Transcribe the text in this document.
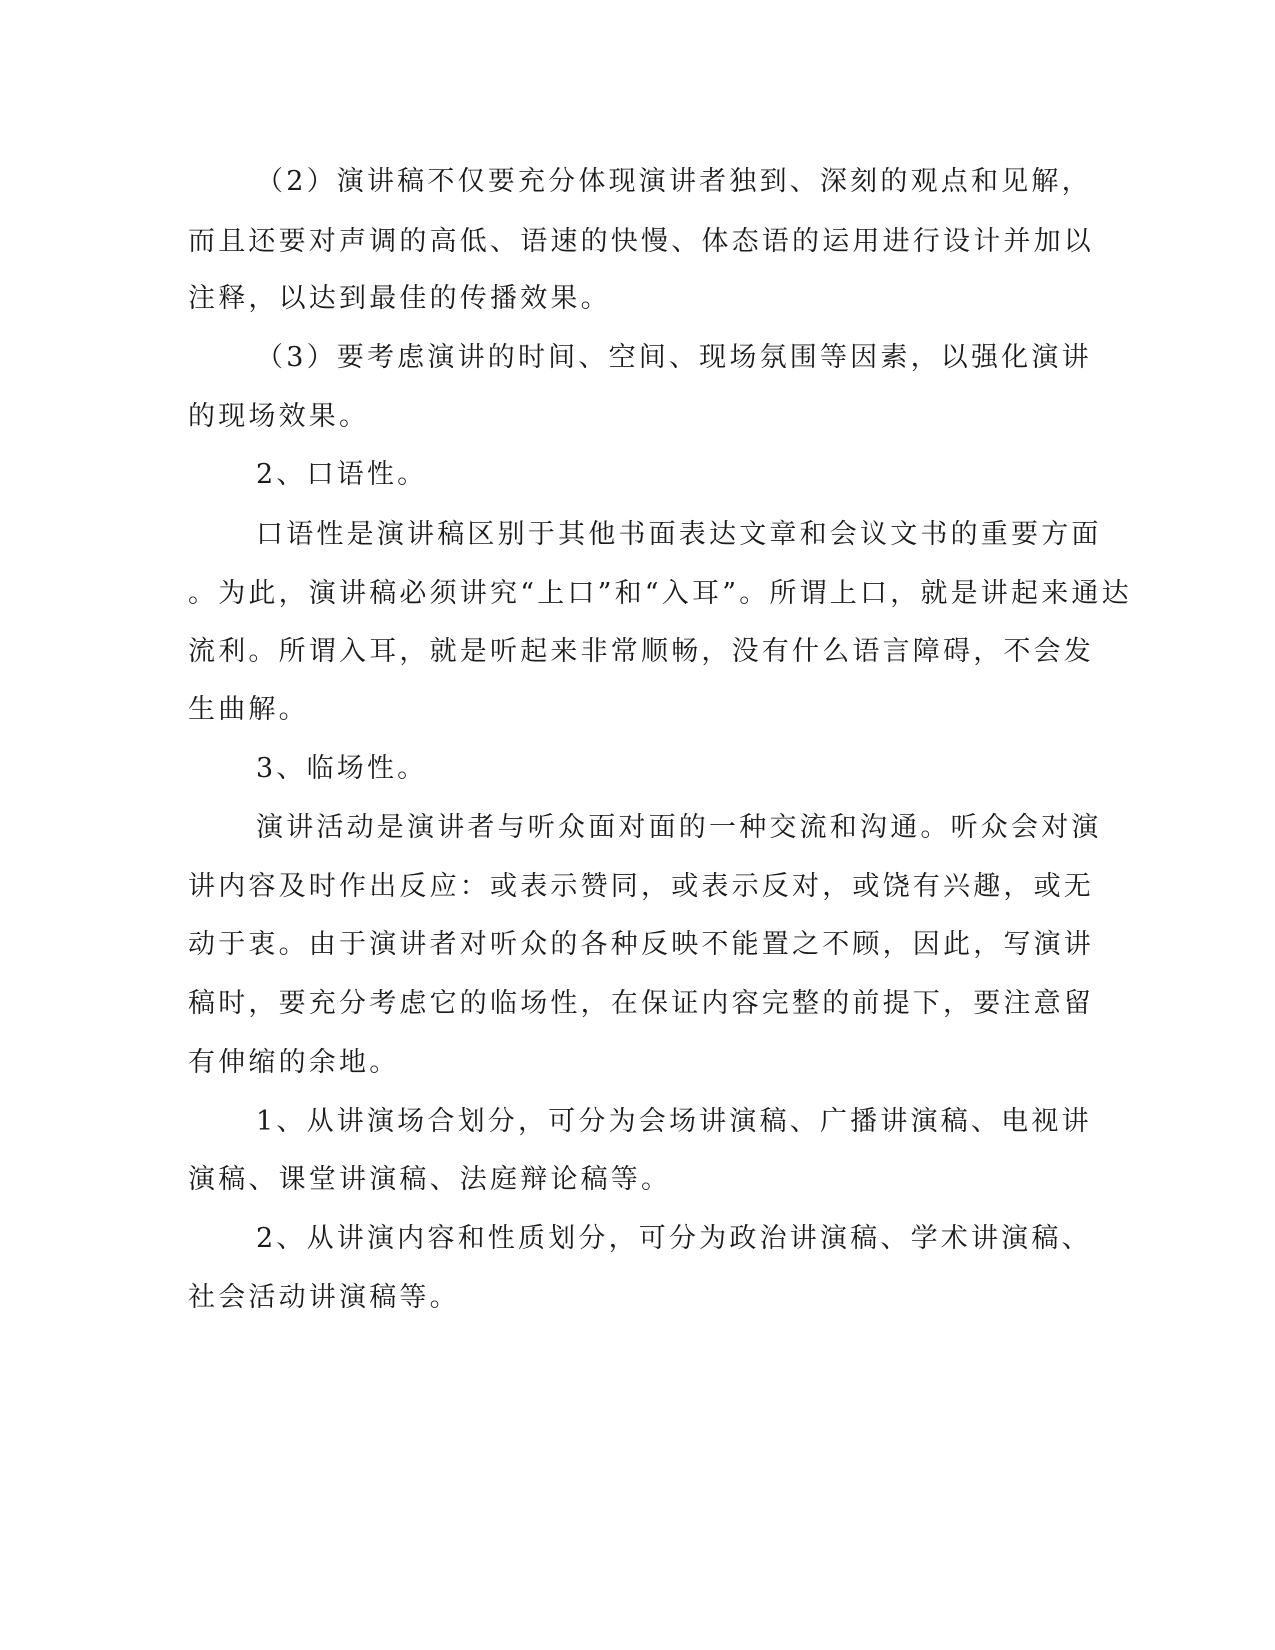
（2）演讲稿不仅要充分体现演讲者独到、深刻的观点和见解，
而且还要对声调的高低、语速的快慢、体态语的运用进行设计并加以
注释，以达到最佳的传播效果。
（3）要考虑演讲的时间、空间、现场氛围等因素，以强化演讲
的现场效果。
2、口语性。
口语性是演讲稿区别于其他书面表达文章和会议文书的重要方面
。为此，演讲稿必须讲究“上口”和“入耳”。所谓上口，就是讲起来通达
流利。所谓入耳，就是听起来非常顺畅，没有什么语言障碍，不会发
生曲解。
3、临场性。
演讲活动是演讲者与听众面对面的一种交流和沟通。听众会对演
讲内容及时作出反应：或表示赞同，或表示反对，或饶有兴趣，或无
动于衷。由于演讲者对听众的各种反映不能置之不顾，因此，写演讲
稿时，要充分考虑它的临场性，在保证内容完整的前提下，要注意留
有伸缩的余地。
1、从讲演场合划分，可分为会场讲演稿、广播讲演稿、电视讲
演稿、课堂讲演稿、法庭辩论稿等。
2、从讲演内容和性质划分，可分为政治讲演稿、学术讲演稿、
社会活动讲演稿等。
